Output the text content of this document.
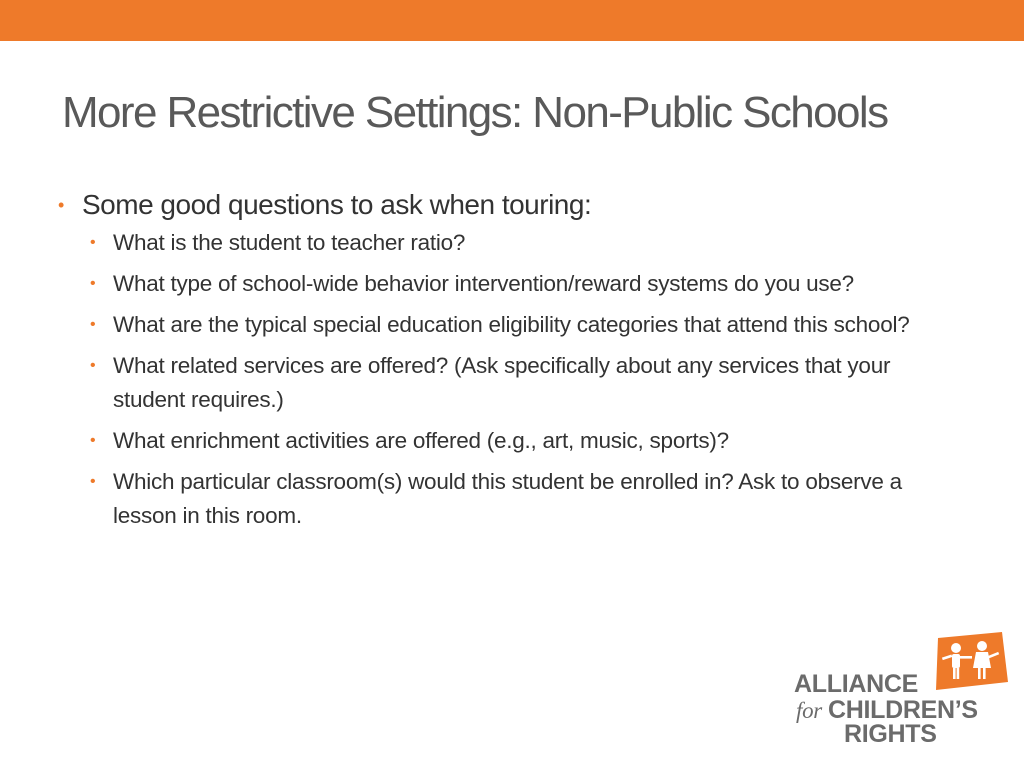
More Restrictive Settings: Non-Public Schools
• Some good questions to ask when touring:
• What is the student to teacher ratio?
• What type of school-wide behavior intervention/reward systems do you use?
• What are the typical special education eligibility categories that attend this school?
• What related services are offered? (Ask specifically about any services that your student requires.)
• What enrichment activities are offered (e.g., art, music, sports)?
• Which particular classroom(s) would this student be enrolled in? Ask to observe a lesson in this room.
ALLIANCE
for CHILDREN’S
RIGHTS
